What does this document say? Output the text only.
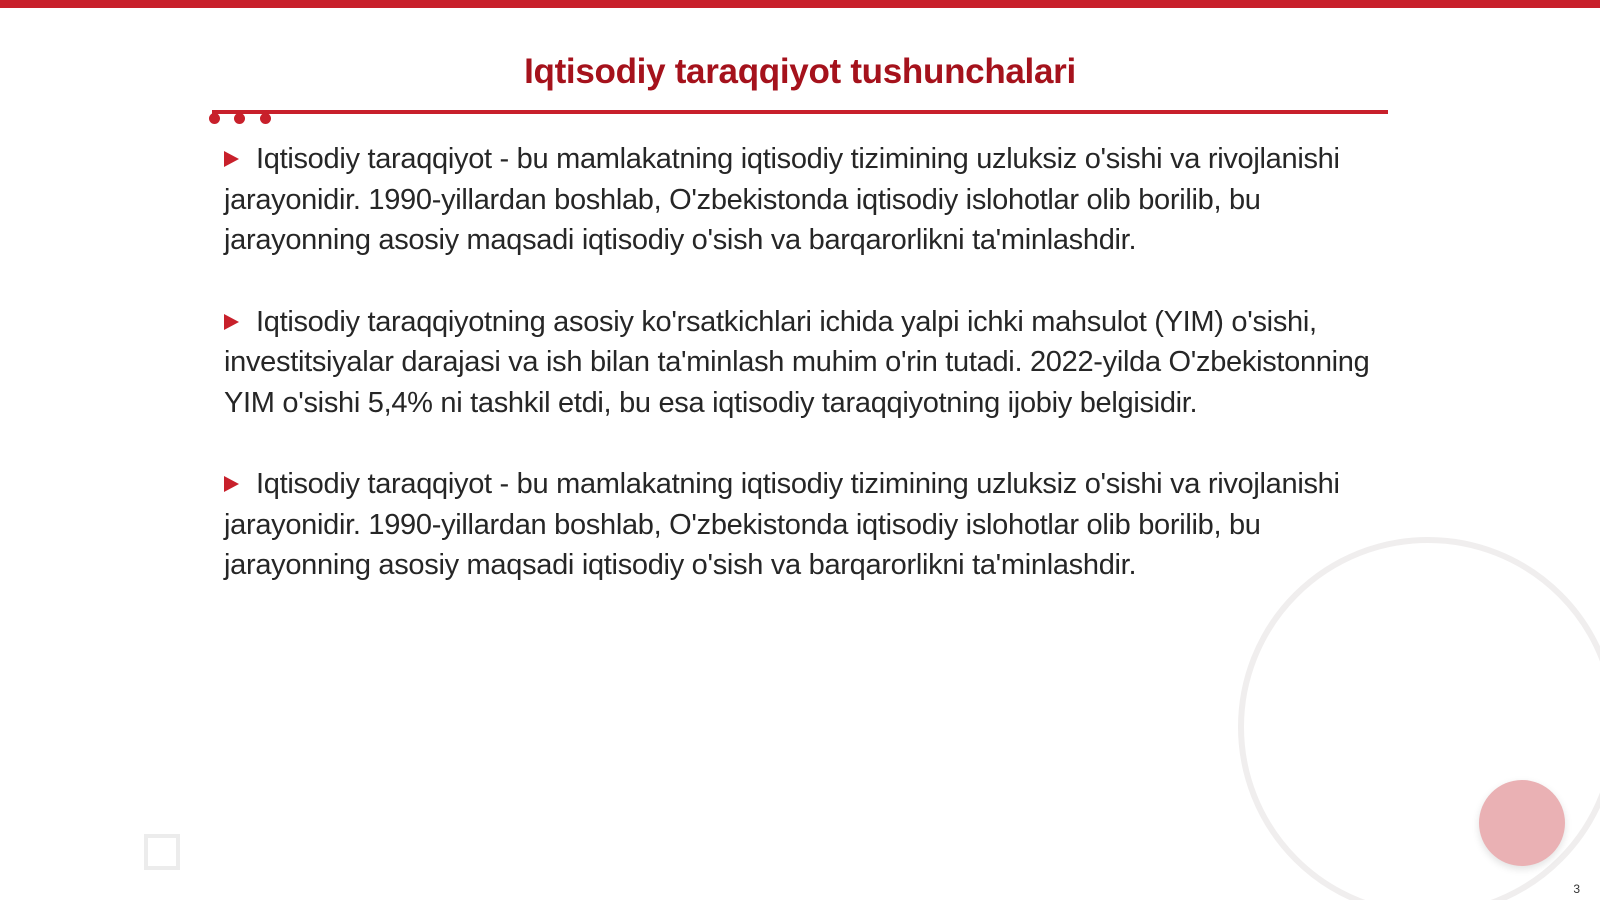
Iqtisodiy taraqqiyot tushunchalari

Iqtisodiy taraqqiyot - bu mamlakatning iqtisodiy tizimining uzluksiz o'sishi va rivojlanishi jarayonidir. 1990-yillardan boshlab, O'zbekistonda iqtisodiy islohotlar olib borilib, bu jarayonning asosiy maqsadi iqtisodiy o'sish va barqarorlikni ta'minlashdir.

Iqtisodiy taraqqiyotning asosiy ko'rsatkichlari ichida yalpi ichki mahsulot (YIM) o'sishi, investitsiyalar darajasi va ish bilan ta'minlash muhim o'rin tutadi. 2022-yilda O'zbekistonning YIM o'sishi 5,4% ni tashkil etdi, bu esa iqtisodiy taraqqiyotning ijobiy belgisidir.

Iqtisodiy taraqqiyot - bu mamlakatning iqtisodiy tizimining uzluksiz o'sishi va rivojlanishi jarayonidir. 1990-yillardan boshlab, O'zbekistonda iqtisodiy islohotlar olib borilib, bu jarayonning asosiy maqsadi iqtisodiy o'sish va barqarorlikni ta'minlashdir.

3
